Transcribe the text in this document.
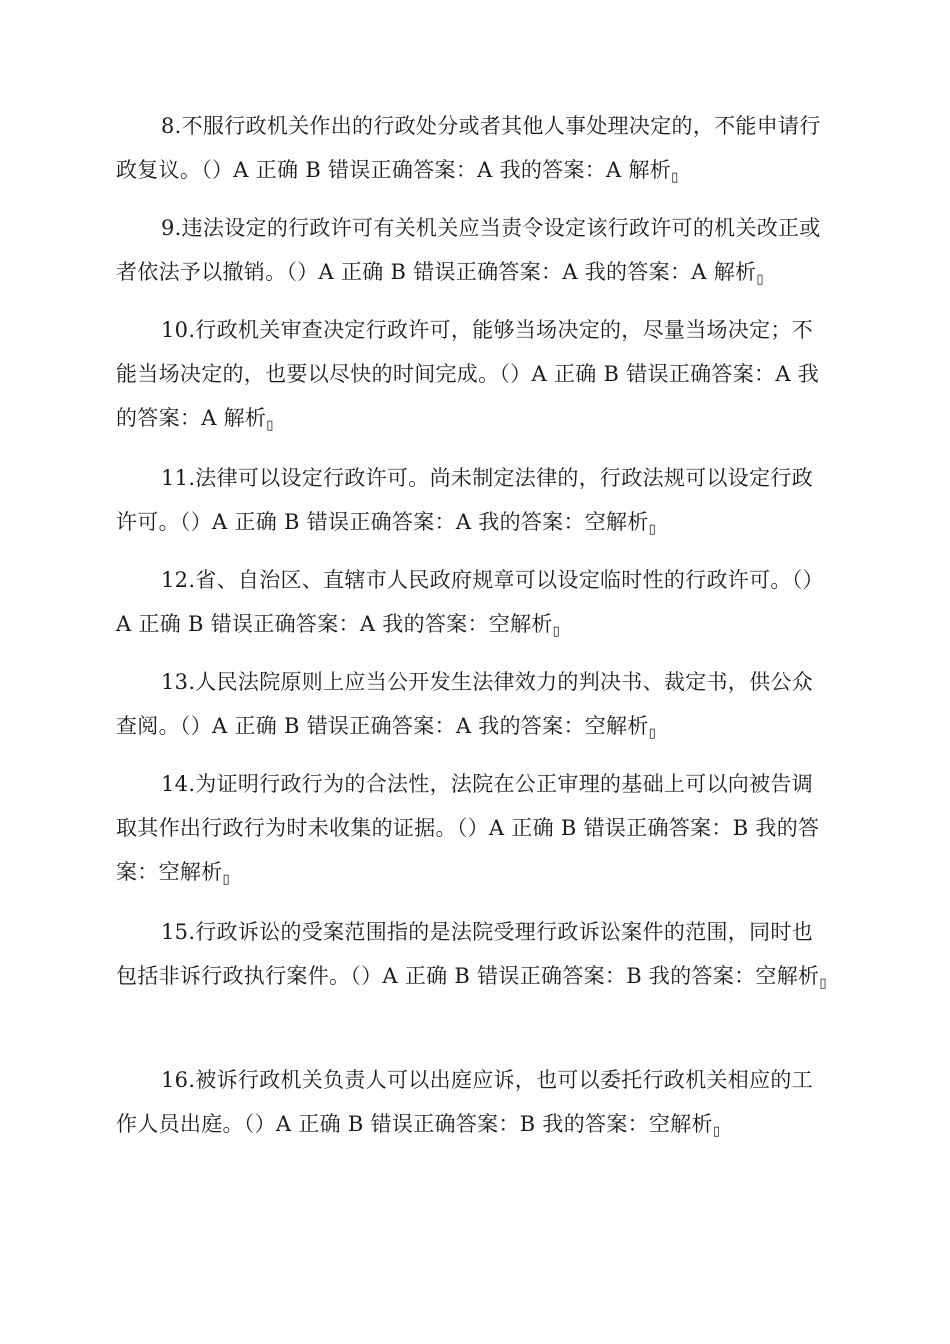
8.不服行政机关作出的行政处分或者其他人事处理决定的，不能申请行政复议。（）A 正确 B 错误正确答案：A 我的答案：A 解析▯

9.违法设定的行政许可有关机关应当责令设定该行政许可的机关改正或者依法予以撤销。（）A 正确 B 错误正确答案：A 我的答案：A 解析▯

10.行政机关审查决定行政许可，能够当场决定的，尽量当场决定；不能当场决定的，也要以尽快的时间完成。（）A 正确 B 错误正确答案：A 我的答案：A 解析▯

11.法律可以设定行政许可。尚未制定法律的，行政法规可以设定行政许可。（）A 正确 B 错误正确答案：A 我的答案：空解析▯

12.省、自治区、直辖市人民政府规章可以设定临时性的行政许可。（）A 正确 B 错误正确答案：A 我的答案：空解析▯

13.人民法院原则上应当公开发生法律效力的判决书、裁定书，供公众查阅。（）A 正确 B 错误正确答案：A 我的答案：空解析▯

14.为证明行政行为的合法性，法院在公正审理的基础上可以向被告调取其作出行政行为时未收集的证据。（）A 正确 B 错误正确答案：B 我的答案：空解析▯

15.行政诉讼的受案范围指的是法院受理行政诉讼案件的范围，同时也包括非诉行政执行案件。（）A 正确 B 错误正确答案：B 我的答案：空解析▯

16.被诉行政机关负责人可以出庭应诉，也可以委托行政机关相应的工作人员出庭。（）A 正确 B 错误正确答案：B 我的答案：空解析▯
